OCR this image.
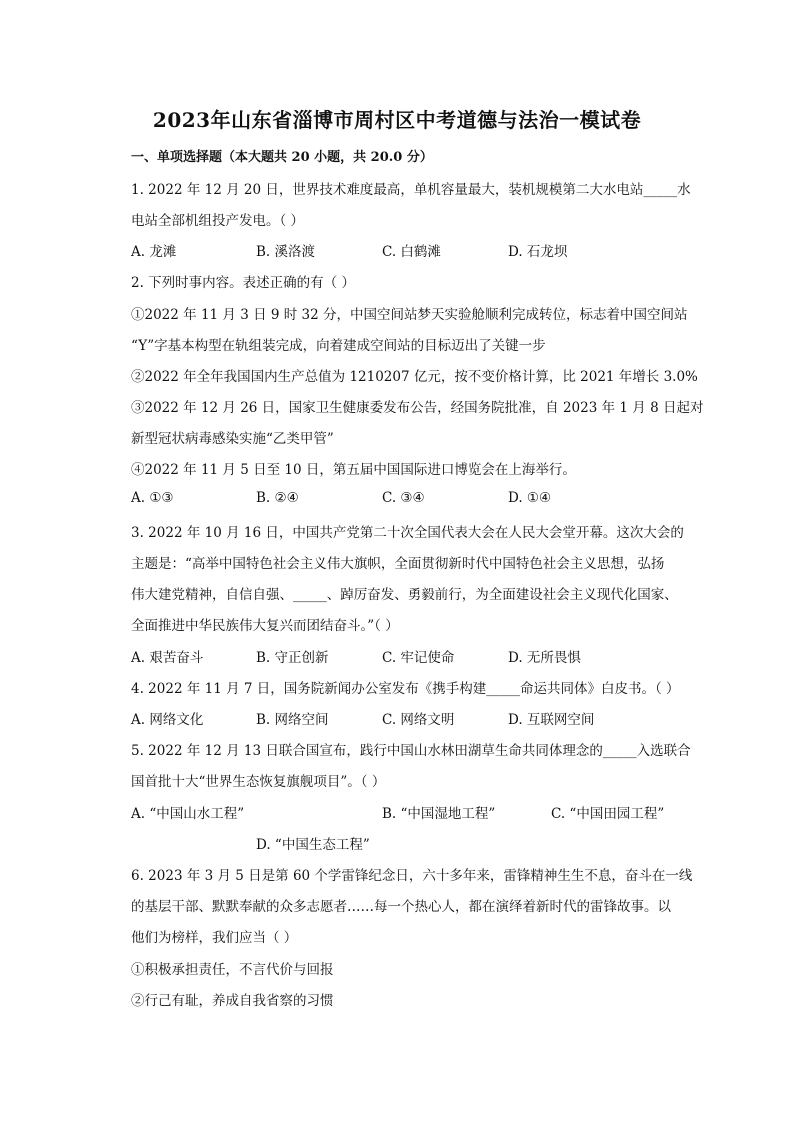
2023年山东省淄博市周村区中考道德与法治一模试卷
一、单项选择题（本大题共 20 小题，共 20.0 分）
1. 2022 年 12 月 20 日，世界技术难度最高，单机容量最大，装机规模第二大水电站_____水
电站全部机组投产发电。（ ）
A. 龙滩	B. 溪洛渡	C. 白鹤滩	D. 石龙坝
2. 下列时事内容。表述正确的有（ ）
①2022 年 11 月 3 日 9 时 32 分，中国空间站梦天实验舱顺利完成转位，标志着中国空间站
“Y”字基本构型在轨组装完成，向着建成空间站的目标迈出了关键一步
②2022 年全年我国国内生产总值为 1210207 亿元，按不变价格计算，比 2021 年增长 3.0%
③2022 年 12 月 26 日，国家卫生健康委发布公告，经国务院批准，自 2023 年 1 月 8 日起对
新型冠状病毒感染实施“乙类甲管”
④2022 年 11 月 5 日至 10 日，第五届中国国际进口博览会在上海举行。
A. ①③	B. ②④	C. ③④	D. ①④
3. 2022 年 10 月 16 日，中国共产党第二十次全国代表大会在人民大会堂开幕。这次大会的
主题是：“高举中国特色社会主义伟大旗帜，全面贯彻新时代中国特色社会主义思想，弘扬
伟大建党精神，自信自强、_____、踔厉奋发、勇毅前行，为全面建设社会主义现代化国家、
全面推进中华民族伟大复兴而团结奋斗。”（ ）
A. 艰苦奋斗	B. 守正创新	C. 牢记使命	D. 无所畏惧
4. 2022 年 11 月 7 日，国务院新闻办公室发布《携手构建_____命运共同体》白皮书。（ ）
A. 网络文化	B. 网络空间	C. 网络文明	D. 互联网空间
5. 2022 年 12 月 13 日联合国宣布，践行中国山水林田湖草生命共同体理念的_____入选联合
国首批十大“世界生态恢复旗舰项目”。（ ）
A. “中国山水工程”	B. “中国湿地工程”	C. “中国田园工程”
D. “中国生态工程”
6. 2023 年 3 月 5 日是第 60 个学雷锋纪念日，六十多年来，雷锋精神生生不息，奋斗在一线
的基层干部、默默奉献的众多志愿者……每一个热心人，都在演绎着新时代的雷锋故事。以
他们为榜样，我们应当（ ）
①积极承担责任，不言代价与回报
②行己有耻，养成自我省察的习惯
